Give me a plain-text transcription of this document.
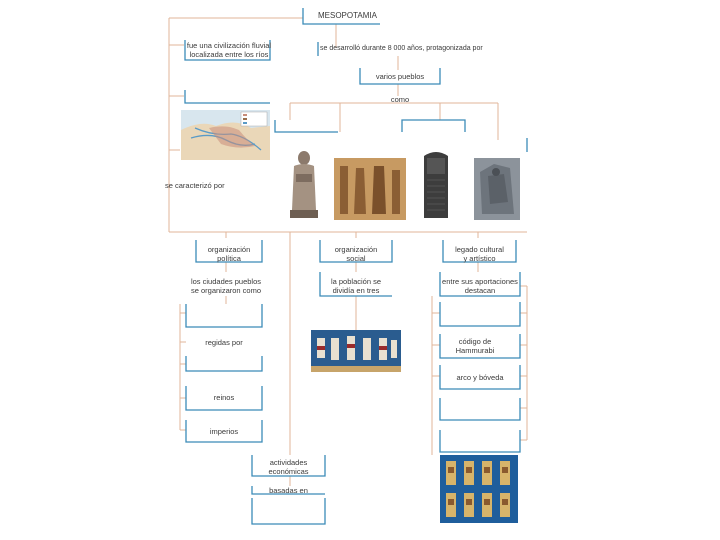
MESOPOTAMIA
fue una civilización fluvial
localizada entre los ríos
se desarrolló durante 8 000 años, protagonizada por
varios pueblos
como
se caracterizó por
organización
política
organización
social
legado cultural
y artístico
los ciudades pueblos
se organizaron como
la población se
dividía en tres
entre sus aportaciones
destacan
regidas por
reinos
imperios
código de
Hammurabi
arco y bóveda
actividades
económicas
basadas en
